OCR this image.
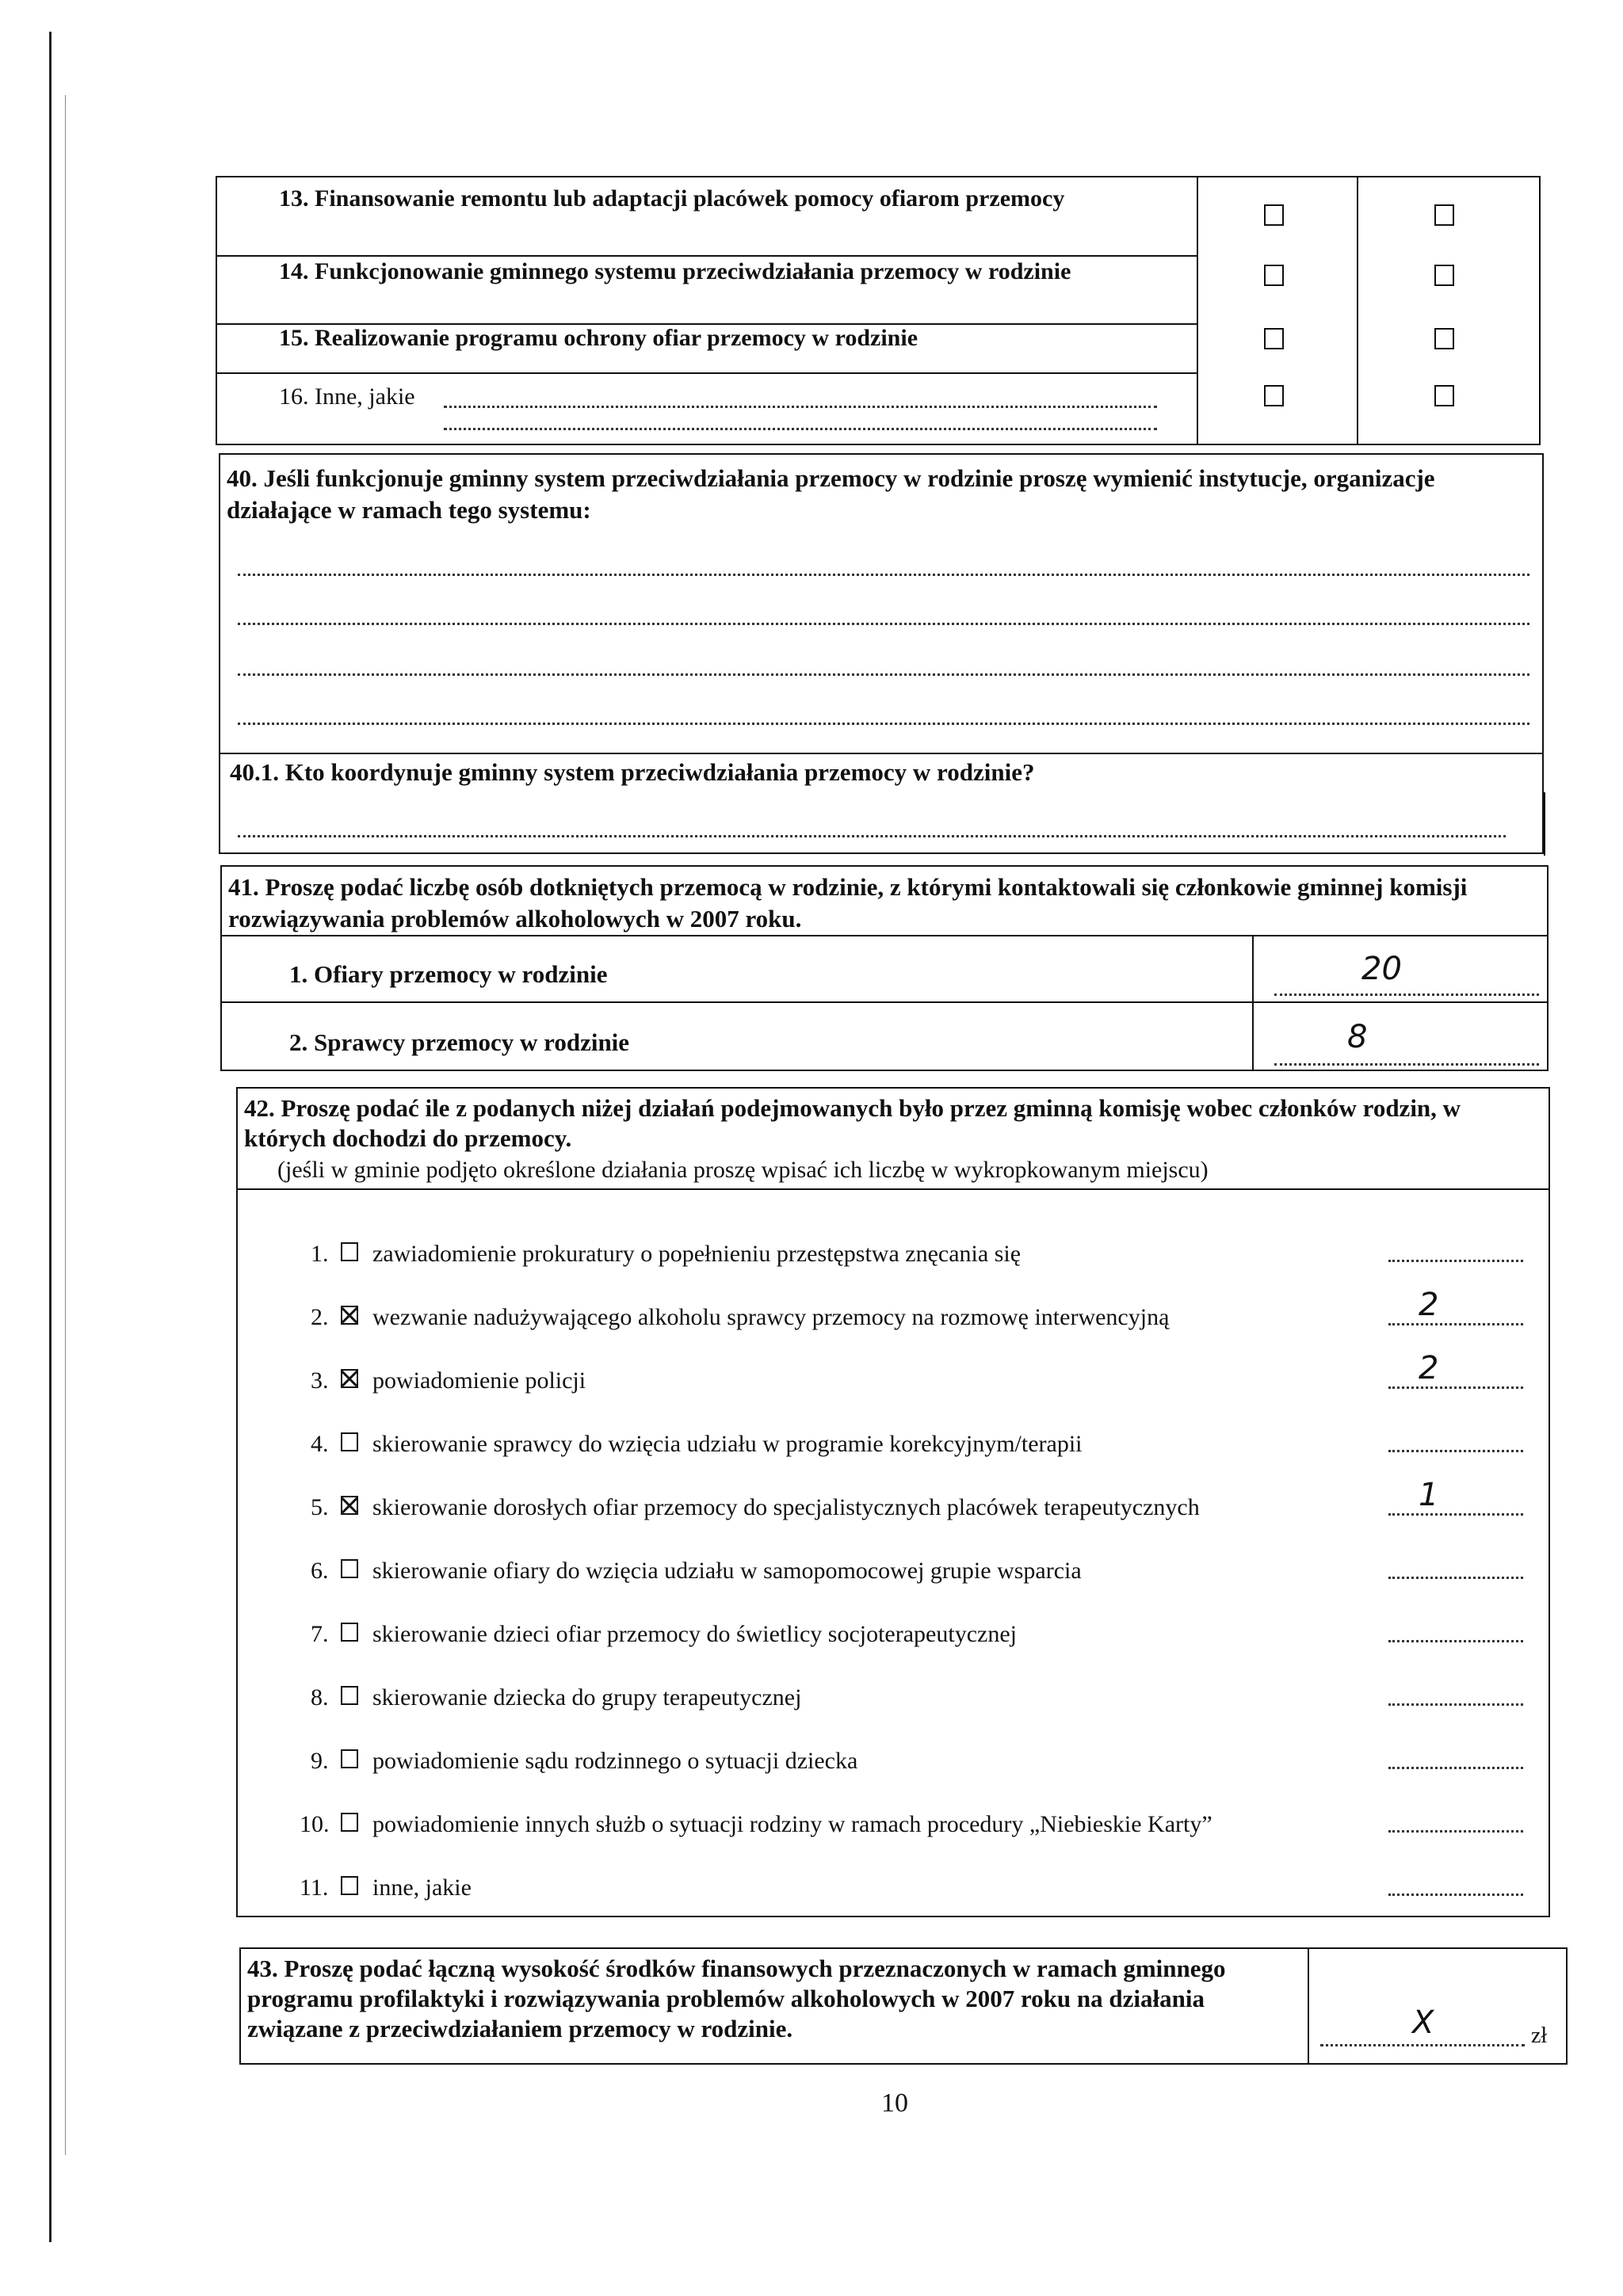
13. Finansowanie remontu lub adaptacji placówek pomocy ofiarom przemocy
14. Funkcjonowanie gminnego systemu przeciwdziałania przemocy w rodzinie
15. Realizowanie programu ochrony ofiar przemocy w rodzinie
16. Inne, jakie
40. Jeśli funkcjonuje gminny system przeciwdziałania przemocy w rodzinie proszę wymienić instytucje, organizacje działające w ramach tego systemu:
40.1. Kto koordynuje gminny system przeciwdziałania przemocy w rodzinie?
41. Proszę podać liczbę osób dotkniętych przemocą w rodzinie, z którymi kontaktowali się członkowie gminnej komisji rozwiązywania problemów alkoholowych w 2007 roku.
1. Ofiary przemocy w rodzinie	20
2. Sprawcy przemocy w rodzinie	8
42. Proszę podać ile z podanych niżej działań podejmowanych było przez gminną komisję wobec członków rodzin, w których dochodzi do przemocy.
(jeśli w gminie podjęto określone działania proszę wpisać ich liczbę w wykropkowanym miejscu)
1. zawiadomienie prokuratury o popełnieniu przestępstwa znęcania się
2. wezwanie nadużywającego alkoholu sprawcy przemocy na rozmowę interwencyjną	2
3. powiadomienie policji	2
4. skierowanie sprawcy do wzięcia udziału w programie korekcyjnym/terapii
5. skierowanie dorosłych ofiar przemocy do specjalistycznych placówek terapeutycznych	1
6. skierowanie ofiary do wzięcia udziału w samopomocowej grupie wsparcia
7. skierowanie dzieci ofiar przemocy do świetlicy socjoterapeutycznej
8. skierowanie dziecka do grupy terapeutycznej
9. powiadomienie sądu rodzinnego o sytuacji dziecka
10. powiadomienie innych służb o sytuacji rodziny w ramach procedury „Niebieskie Karty”
11. inne, jakie
43. Proszę podać łączną wysokość środków finansowych przeznaczonych w ramach gminnego programu profilaktyki i rozwiązywania problemów alkoholowych w 2007 roku na działania związane z przeciwdziałaniem przemocy w rodzinie.	X	zł
10
